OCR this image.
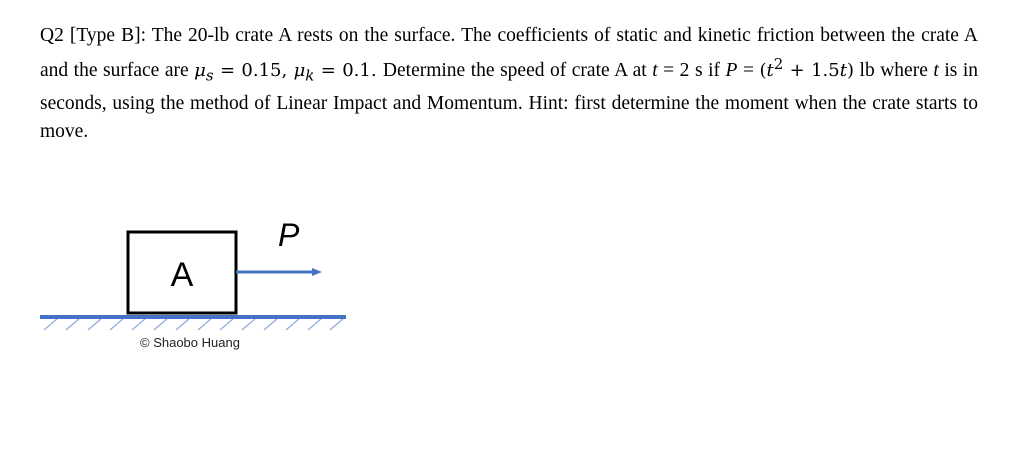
Q2 [Type B]: The 20-lb crate A rests on the surface. The coefficients of static and kinetic friction between the crate A and the surface are $\mu_s = 0.15$, $\mu_k = 0.1$. Determine the speed of crate A at t = 2 s if $P = (t^2 + 1.5t)$ lb where t is in seconds, using the method of Linear Impact and Momentum. Hint: first determine the moment when the crate starts to move.
A
P
© Shaobo Huang
